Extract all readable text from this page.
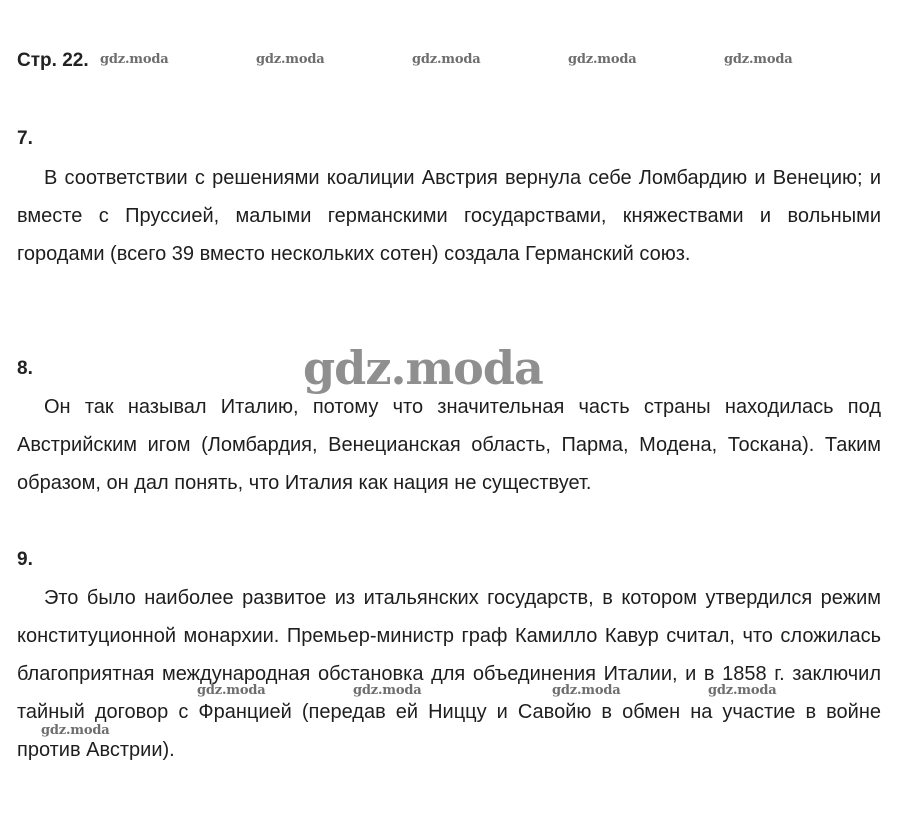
Стр. 22.
7.

В соответствии с решениями коалиции Австрия вернула себе Ломбардию и Венецию; и вместе с Пруссией, малыми германскими государствами, княжествами и вольными городами (всего 39 вместо нескольких сотен) создала Германский союз.

8.

Он так называл Италию, потому что значительная часть страны находилась под Австрийским игом (Ломбардия, Венецианская область, Парма, Модена, Тоскана). Таким образом, он дал понять, что Италия как нация не существует.

9.

Это было наиболее развитое из итальянских государств, в котором утвердился режим конституционной монархии. Премьер-министр граф Камилло Кавур считал, что сложилась благоприятная международная обстановка для объединения Италии, и в 1858 г. заключил тайный договор с Францией (передав ей Ниццу и Савойю в обмен на участие в войне против Австрии).

gdz.moda	gdz.moda	gdz.moda	gdz.moda	gdz.moda
gdz.moda
gdz.moda	gdz.moda	gdz.moda	gdz.moda
gdz.moda
